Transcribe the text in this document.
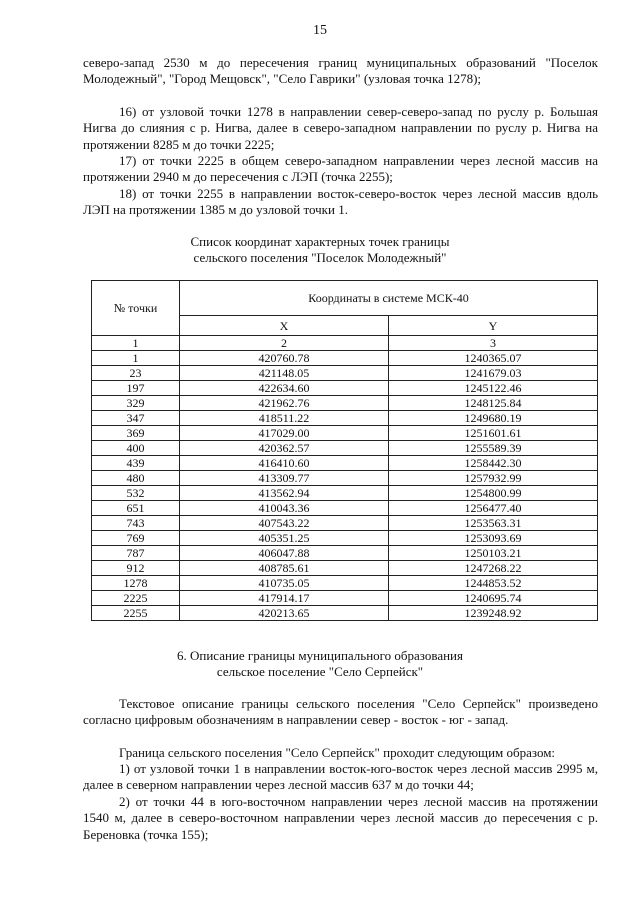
15

северо-запад 2530 м до пересечения границ муниципальных образований "Поселок Молодежный", "Город Мещовск", "Село Гаврики" (узловая точка 1278);

16) от узловой точки 1278 в направлении север-северо-запад по руслу р. Большая Нигва до слияния с р. Нигва, далее в северо-западном направлении по руслу р. Нигва на протяжении 8285 м до точки 2225;

17) от точки 2225 в общем северо-западном направлении через лесной массив на протяжении 2940 м до пересечения с ЛЭП (точка 2255);

18) от точки 2255 в направлении восток-северо-восток через лесной массив вдоль ЛЭП на протяжении 1385 м до узловой точки 1.

Список координат характерных точек границы
сельского поселения "Поселок Молодежный"
№ точки	Координаты в системе МСК-40	
	X	Y
1	2	3
1	420760.78	1240365.07
23	421148.05	1241679.03
197	422634.60	1245122.46
329	421962.76	1248125.84
347	418511.22	1249680.19
369	417029.00	1251601.61
400	420362.57	1255589.39
439	416410.60	1258442.30
480	413309.77	1257932.99
532	413562.94	1254800.99
651	410043.36	1256477.40
743	407543.22	1253563.31
769	405351.25	1253093.69
787	406047.88	1250103.21
912	408785.61	1247268.22
1278	410735.05	1244853.52
2225	417914.17	1240695.74
2255	420213.65	1239248.92
6. Описание границы муниципального образования
сельское поселение "Село Серпейск"

Текстовое описание границы сельского поселения "Село Серпейск" произведено согласно цифровым обозначениям в направлении север - восток - юг - запад.

Граница сельского поселения "Село Серпейск" проходит следующим образом:

1) от узловой точки 1 в направлении восток-юго-восток через лесной массив 2995 м, далее в северном направлении через лесной массив 637 м до точки 44;

2) от точки 44 в юго-восточном направлении через лесной массив на протяжении 1540 м, далее в северо-восточном направлении через лесной массив до пересечения с р. Береновка (точка 155);
